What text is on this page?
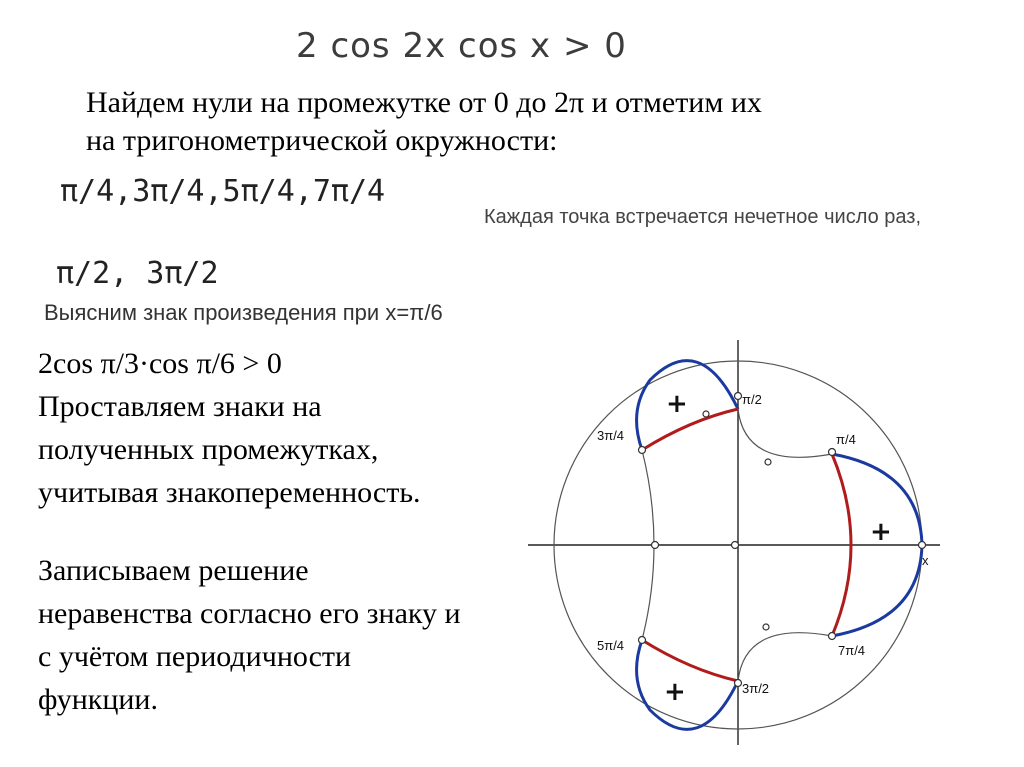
2 cos 2x cos x > 0
Найдем нули на промежутке от 0 до 2π и отметим их
на тригонометрической окружности:
π/4,3π/4,5π/4,7π/4
π/2, 3π/2
Каждая точка встречается нечетное число раз,
Выясним знак произведения при x=π/6
2cos π/3·cos π/6 > 0
Проставляем знаки на
полученных промежутках,
учитывая знакопеременность.
Записываем решение
неравенства согласно его знаку и
с учётом периодичности
функции.
π/2
π/4
3π/4
5π/4
3π/2
7π/4
x
+
+
+
